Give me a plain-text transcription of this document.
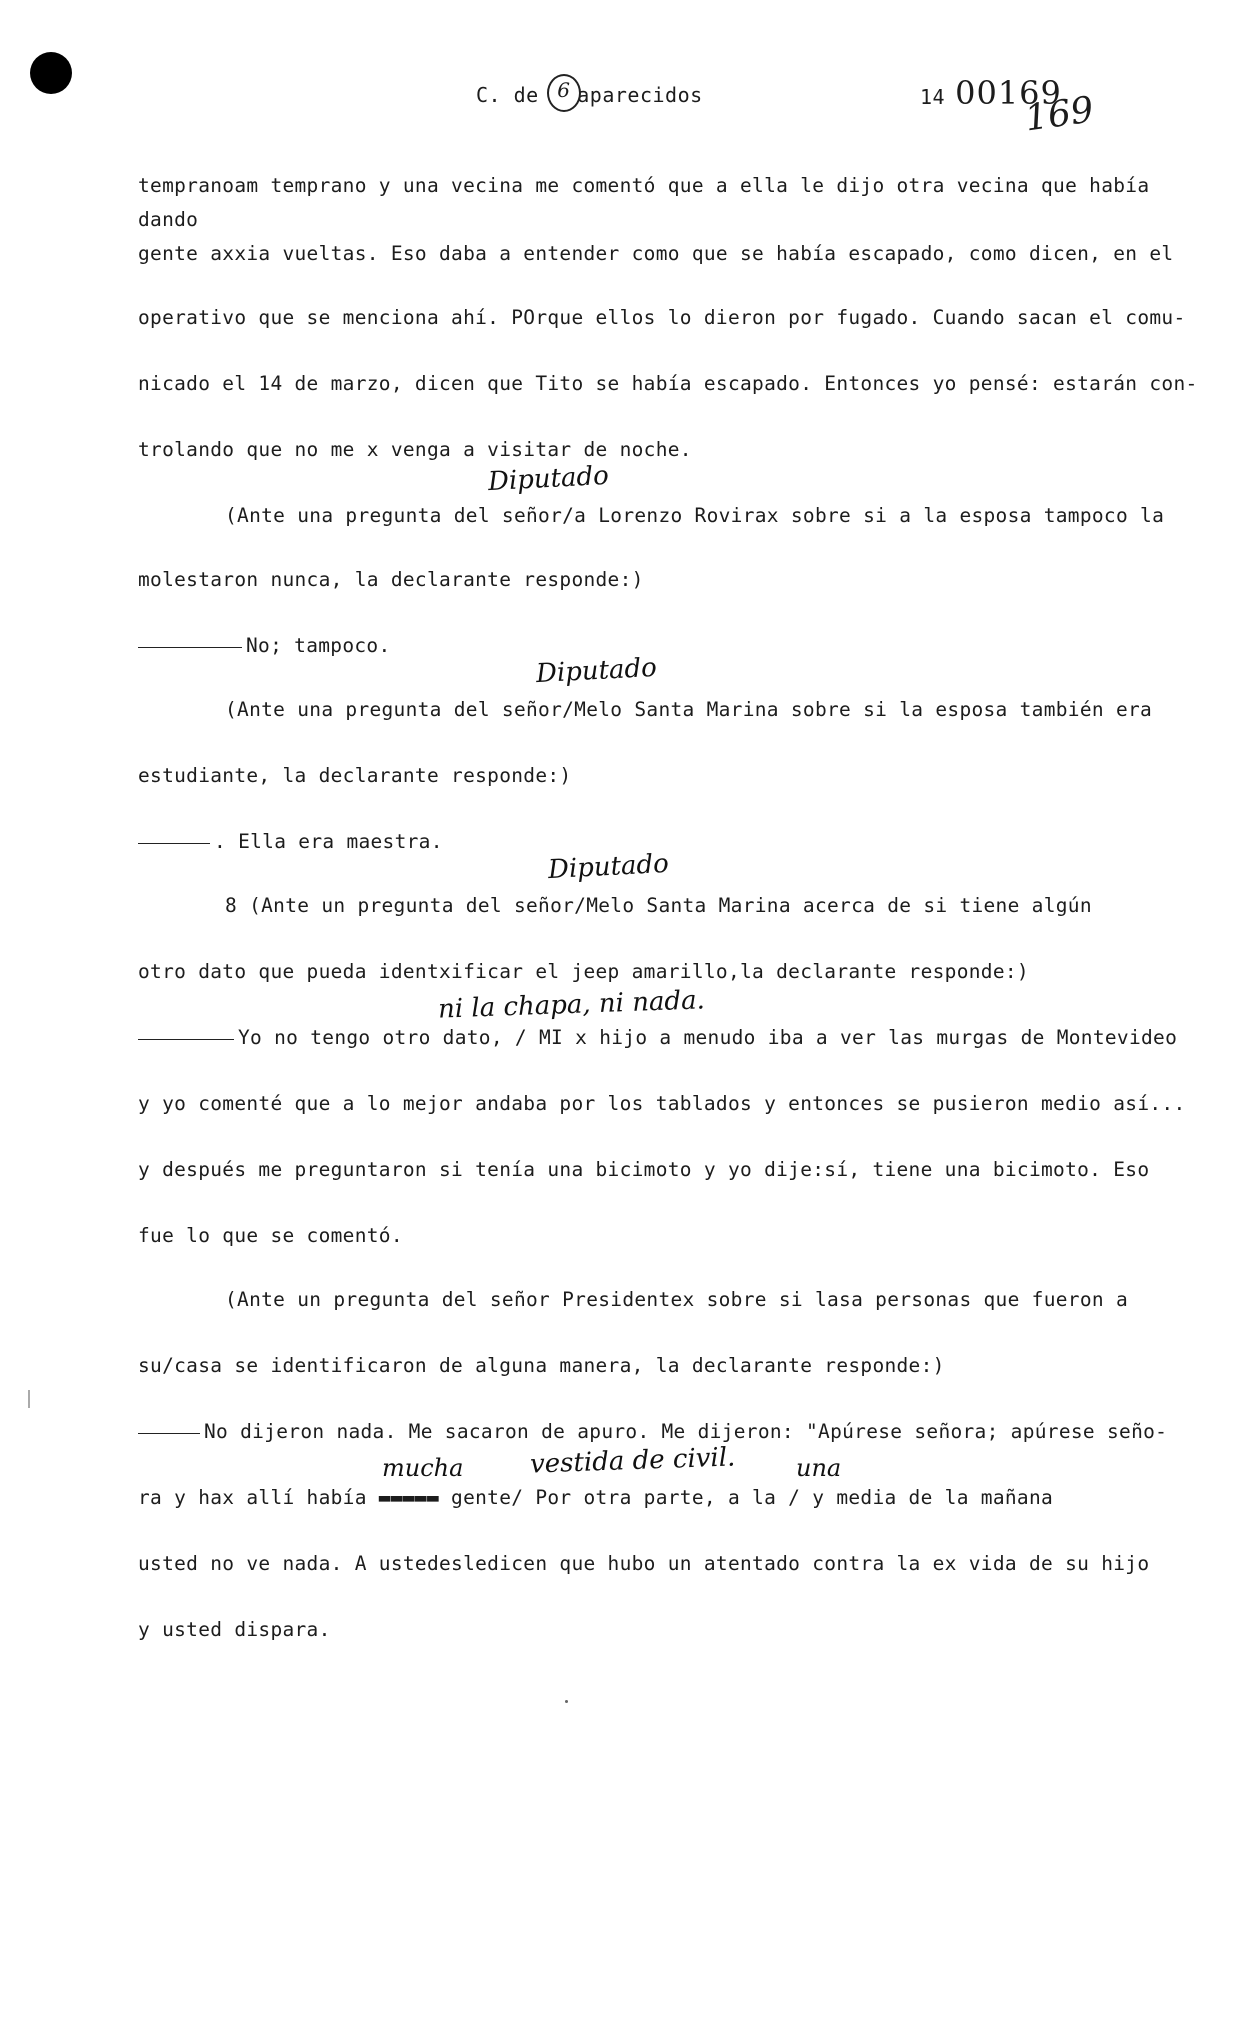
C. de 6 aparecidos	14 00169
169
tempranoam temprano y una vecina me comentó que a ella le dijo otra vecina que había
dando
gente axxia vueltas. Eso daba a entender como que se había escapado, como dicen, en el
operativo que se menciona ahí. POrque ellos lo dieron por fugado. Cuando sacan el comu-
nicado el 14 de marzo, dicen que Tito se había escapado. Entonces yo pensé: estarán con-
trolando que no me x venga a visitar de noche.
Diputado
(Ante una pregunta del señor/a Lorenzo Rovirax sobre si a la esposa tampoco la
molestaron nunca, la declarante responde:)
No; tampoco.
Diputado
(Ante una pregunta del señor/Melo Santa Marina sobre si la esposa también era
estudiante, la declarante responde:)
. Ella era maestra.
Diputado
8 (Ante un pregunta del señor/Melo Santa Marina acerca de si tiene algún
otro dato que pueda identxificar el jeep amarillo,la declarante responde:)
ni la chapa, ni nada.
Yo no tengo otro dato, / MI x hijo a menudo iba a ver las murgas de Montevideo
y yo comenté que a lo mejor andaba por los tablados y entonces se pusieron medio así...
y después me preguntaron si tenía una bicimoto y yo dije:sí, tiene una bicimoto. Eso
fue lo que se comentó.
(Ante un pregunta del señor Presidentex sobre si lasa personas que fueron a
su/casa se identificaron de alguna manera, la declarante responde:)
No dijeron nada. Me sacaron de apuro. Me dijeron: "Apúrese señora; apúrese seño-
mucha	vestida de civil.	una
ra y hax allí había ▬▬▬▬▬ gente/ Por otra parte, a la / y media de la mañana
usted no ve nada. A ustedesledicen que hubo un atentado contra la ex vida de su hijo
y usted dispara.
